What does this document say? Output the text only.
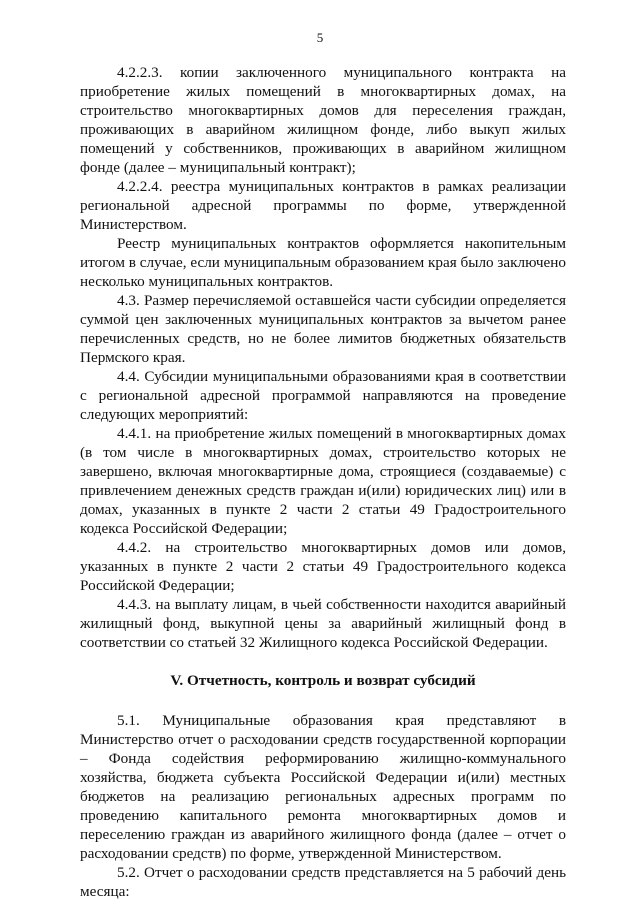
5

4.2.2.3. копии заключенного муниципального контракта на приобретение жилых помещений в многоквартирных домах, на строительство многоквартирных домов для переселения граждан, проживающих в аварийном жилищном фонде, либо выкуп жилых помещений у собственников, проживающих в аварийном жилищном фонде (далее – муниципальный контракт);

4.2.2.4. реестра муниципальных контрактов в рамках реализации региональной адресной программы по форме, утвержденной Министерством.

Реестр муниципальных контрактов оформляется накопительным итогом в случае, если муниципальным образованием края было заключено несколько муниципальных контрактов.

4.3. Размер перечисляемой оставшейся части субсидии определяется суммой цен заключенных муниципальных контрактов за вычетом ранее перечисленных средств, но не более лимитов бюджетных обязательств Пермского края.

4.4. Субсидии муниципальными образованиями края в соответствии с региональной адресной программой направляются на проведение следующих мероприятий:

4.4.1. на приобретение жилых помещений в многоквартирных домах (в том числе в многоквартирных домах, строительство которых не завершено, включая многоквартирные дома, строящиеся (создаваемые) с привлечением денежных средств граждан и(или) юридических лиц) или в домах, указанных в пункте 2 части 2 статьи 49 Градостроительного кодекса Российской Федерации;

4.4.2. на строительство многоквартирных домов или домов, указанных в пункте 2 части 2 статьи 49 Градостроительного кодекса Российской Федерации;

4.4.3. на выплату лицам, в чьей собственности находится аварийный жилищный фонд, выкупной цены за аварийный жилищный фонд в соответствии со статьей 32 Жилищного кодекса Российской Федерации.

V. Отчетность, контроль и возврат субсидий

5.1. Муниципальные образования края представляют в Министерство отчет о расходовании средств государственной корпорации – Фонда содействия реформированию жилищно-коммунального хозяйства, бюджета субъекта Российской Федерации и(или) местных бюджетов на реализацию региональных адресных программ по проведению капитального ремонта многоквартирных домов и переселению граждан из аварийного жилищного фонда (далее – отчет о расходовании средств) по форме, утвержденной Министерством.

5.2. Отчет о расходовании средств представляется на 5 рабочий день месяца:
